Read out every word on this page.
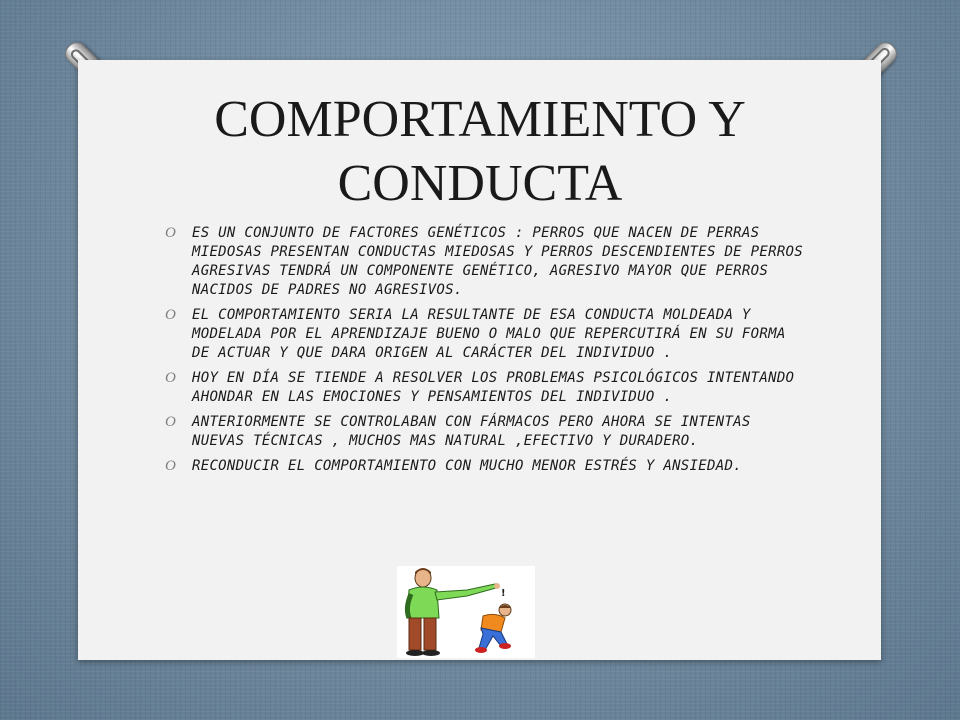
COMPORTAMIENTO Y CONDUCTA
O ES UN CONJUNTO DE FACTORES GENÉTICOS : PERROS QUE NACEN DE PERRAS MIEDOSAS PRESENTAN CONDUCTAS MIEDOSAS Y PERROS DESCENDIENTES DE PERROS AGRESIVAS TENDRÁ UN COMPONENTE GENÉTICO, AGRESIVO MAYOR QUE PERROS NACIDOS DE PADRES NO AGRESIVOS.
O EL COMPORTAMIENTO SERIA LA RESULTANTE DE ESA CONDUCTA MOLDEADA Y MODELADA POR EL APRENDIZAJE BUENO O MALO QUE REPERCUTIRÁ EN SU FORMA DE ACTUAR Y QUE DARA ORIGEN AL CARÁCTER DEL INDIVIDUO .
O HOY EN DÍA SE TIENDE A RESOLVER LOS PROBLEMAS PSICOLÓGICOS INTENTANDO AHONDAR EN LAS EMOCIONES Y PENSAMIENTOS DEL INDIVIDUO .
O ANTERIORMENTE SE CONTROLABAN CON FÁRMACOS PERO AHORA SE INTENTAS NUEVAS TÉCNICAS , MUCHOS MAS NATURAL ,EFECTIVO Y DURADERO.
O RECONDUCIR EL COMPORTAMIENTO CON MUCHO MENOR ESTRÉS Y ANSIEDAD.
!
